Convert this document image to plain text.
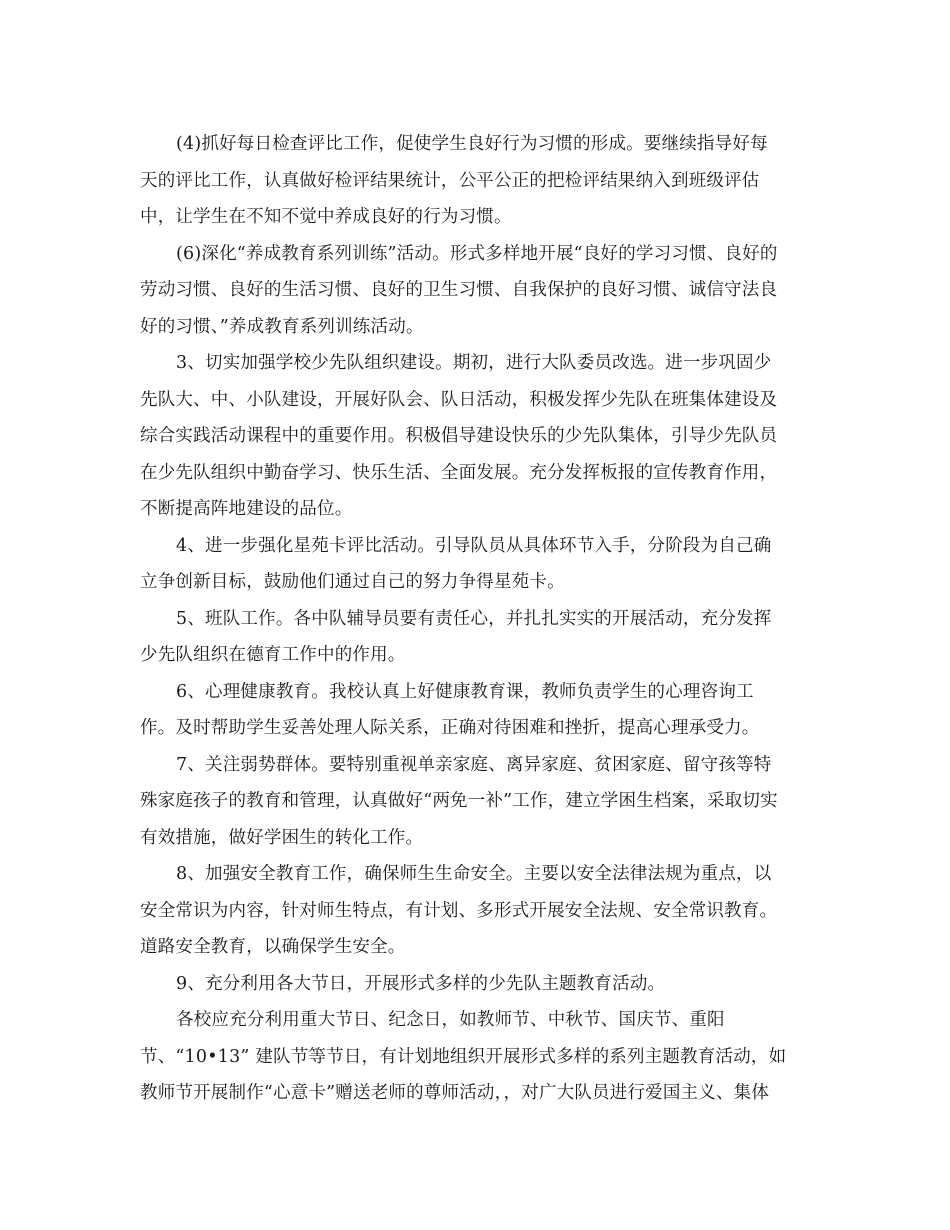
(4)抓好每日检查评比工作，促使学生良好行为习惯的形成。要继续指导好每
天的评比工作，认真做好检评结果统计，公平公正的把检评结果纳入到班级评估
中，让学生在不知不觉中养成良好的行为习惯。
(6)深化“养成教育系列训练”活动。形式多样地开展“良好的学习习惯、良好的
劳动习惯、良好的生活习惯、良好的卫生习惯、自我保护的良好习惯、诚信守法良
好的习惯、”养成教育系列训练活动。
3、切实加强学校少先队组织建设。期初，进行大队委员改选。进一步巩固少
先队大、中、小队建设，开展好队会、队日活动，积极发挥少先队在班集体建设及
综合实践活动课程中的重要作用。积极倡导建设快乐的少先队集体，引导少先队员
在少先队组织中勤奋学习、快乐生活、全面发展。充分发挥板报的宣传教育作用，
不断提高阵地建设的品位。
4、进一步强化星苑卡评比活动。引导队员从具体环节入手，分阶段为自己确
立争创新目标，鼓励他们通过自己的努力争得星苑卡。
5、班队工作。各中队辅导员要有责任心，并扎扎实实的开展活动，充分发挥
少先队组织在德育工作中的作用。
6、心理健康教育。我校认真上好健康教育课，教师负责学生的心理咨询工
作。及时帮助学生妥善处理人际关系，正确对待困难和挫折，提高心理承受力。
7、关注弱势群体。要特别重视单亲家庭、离异家庭、贫困家庭、留守孩等特
殊家庭孩子的教育和管理，认真做好“两免一补”工作，建立学困生档案，采取切实
有效措施，做好学困生的转化工作。
8、加强安全教育工作，确保师生生命安全。主要以安全法律法规为重点，以
安全常识为内容，针对师生特点，有计划、多形式开展安全法规、安全常识教育。
道路安全教育，以确保学生安全。
9、充分利用各大节日，开展形式多样的少先队主题教育活动。
各校应充分利用重大节日、纪念日，如教师节、中秋节、国庆节、重阳
节、“10•13” 建队节等节日，有计划地组织开展形式多样的系列主题教育活动，如
教师节开展制作“心意卡”赠送老师的尊师活动，，对广大队员进行爱国主义、集体
